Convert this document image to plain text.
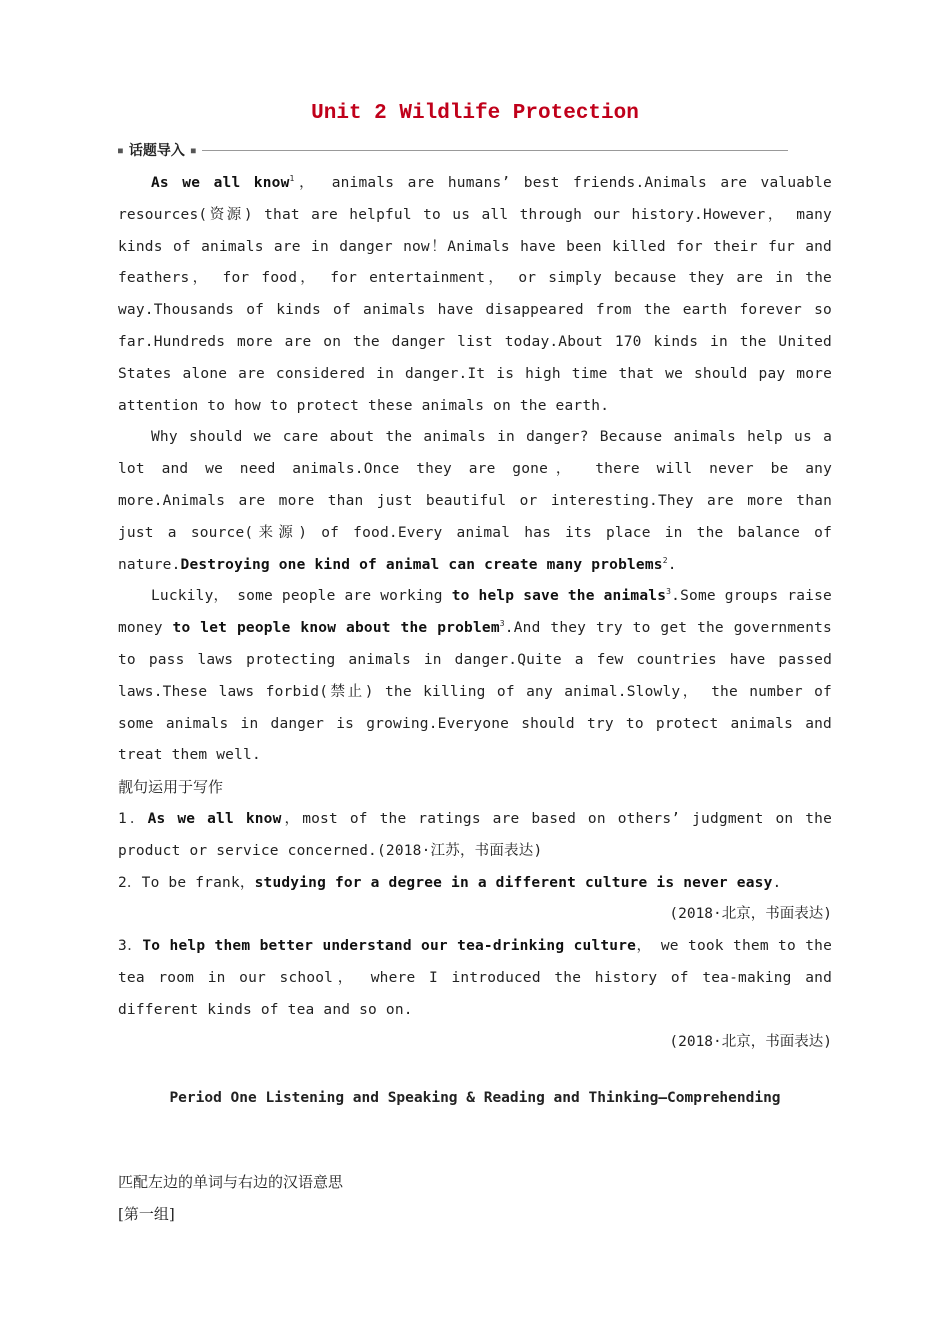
Unit 2 Wildlife Protection
■ 话题导入 ■

As we all know$^1$， animals are humans’ best friends.Animals are valuable resources(资源) that are helpful to us all through our history.However， many kinds of animals are in danger now！Animals have been killed for their fur and feathers， for food， for entertainment， or simply because they are in the way.Thousands of kinds of animals have disappeared from the earth forever so far.Hundreds more are on the danger list today.About 170 kinds in the United States alone are considered in danger.It is high time that we should pay more attention to how to protect these animals on the earth.

Why should we care about the animals in danger? Because animals help us a lot and we need animals.Once they are gone， there will never be any more.Animals are more than just beautiful or interesting.They are more than just a source(来源) of food.Every animal has its place in the balance of nature.Destroying one kind of animal can create many problems$^2$.

Luckily， some people are working to help save the animals$^3$.Some groups raise money to let people know about the problem$^3$.And they try to get the governments to pass laws protecting animals in danger.Quite a few countries have passed laws.These laws forbid(禁止) the killing of any animal.Slowly， the number of some animals in danger is growing.Everyone should try to protect animals and treat them well.

靓句运用于写作

1．As we all know，most of the ratings are based on others’ judgment on the product or service concerned.(2018·江苏，书面表达)

2．To be frank，studying for a degree in a different culture is never easy.

(2018·北京，书面表达)

3．To help them better understand our tea-drinking culture， we took them to the tea room in our school， where I introduced the history of tea-making and different kinds of tea and so on.

(2018·北京，书面表达)

Period One Listening and Speaking & Reading and Thinking—Comprehending
匹配左边的单词与右边的汉语意思
[第一组]
